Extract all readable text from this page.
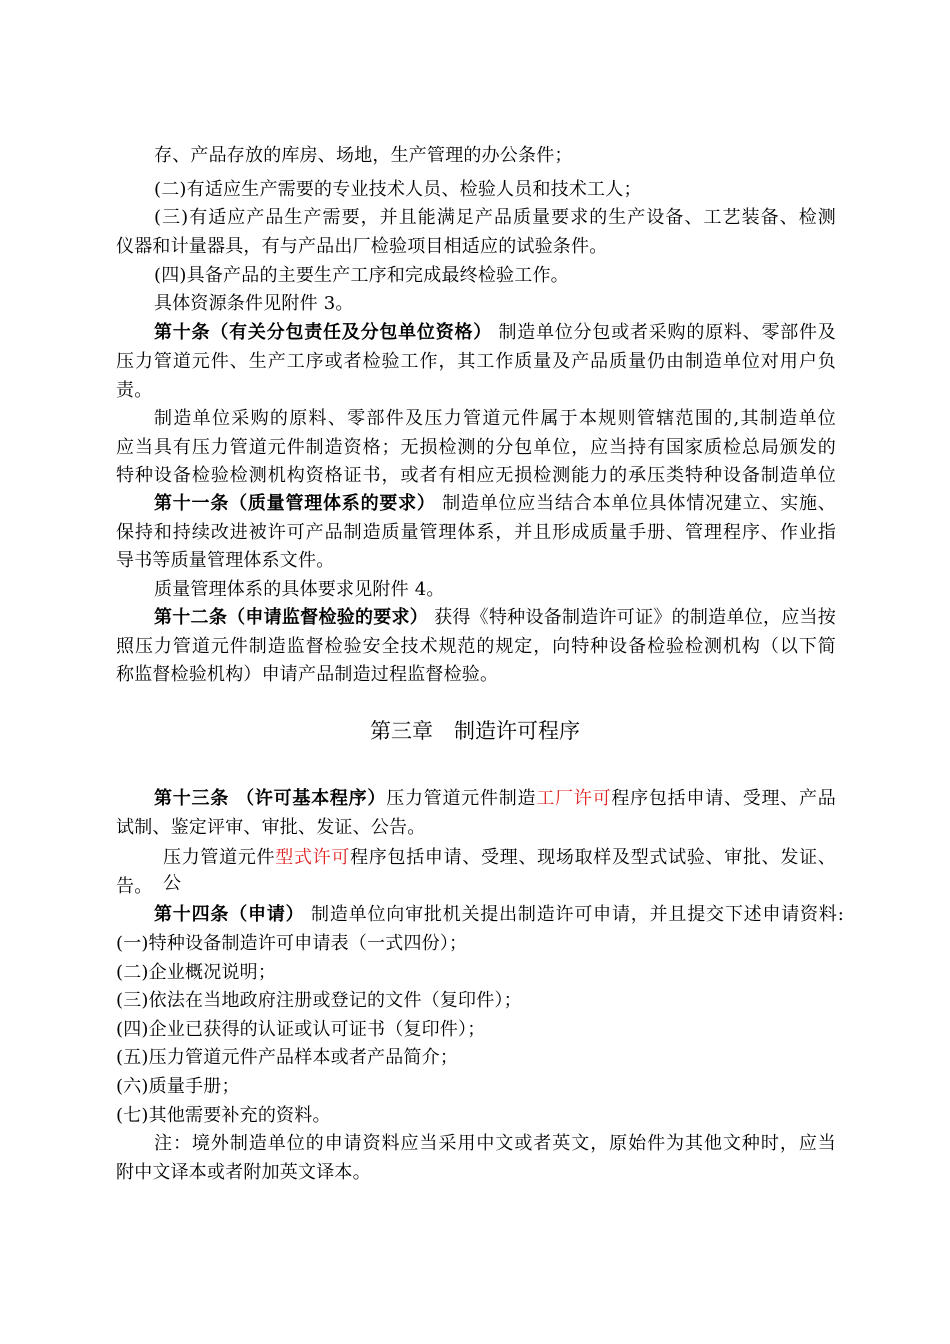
存、产品存放的库房、场地，生产管理的办公条件；
(二)有适应生产需要的专业技术人员、检验人员和技术工人；
(三)有适应产品生产需要，并且能满足产品质量要求的生产设备、工艺装备、检测
仪器和计量器具，有与产品出厂检验项目相适应的试验条件。
(四)具备产品的主要生产工序和完成最终检验工作。
具体资源条件见附件 3。
第十条（有关分包责任及分包单位资格） 制造单位分包或者采购的原料、零部件及
压力管道元件、生产工序或者检验工作，其工作质量及产品质量仍由制造单位对用户负
责。
制造单位采购的原料、零部件及压力管道元件属于本规则管辖范围的,其制造单位
应当具有压力管道元件制造资格；无损检测的分包单位，应当持有国家质检总局颁发的
特种设备检验检测机构资格证书，或者有相应无损检测能力的承压类特种设备制造单位
第十一条（质量管理体系的要求） 制造单位应当结合本单位具体情况建立、实施、
保持和持续改进被许可产品制造质量管理体系，并且形成质量手册、管理程序、作业指
导书等质量管理体系文件。
质量管理体系的具体要求见附件 4。
第十二条（申请监督检验的要求） 获得《特种设备制造许可证》的制造单位，应当按
照压力管道元件制造监督检验安全技术规范的规定，向特种设备检验检测机构（以下简
称监督检验机构）申请产品制造过程监督检验。
第三章　制造许可程序
第十三条 （许可基本程序）压力管道元件制造工厂许可程序包括申请、受理、产品
试制、鉴定评审、审批、发证、公告。
压力管道元件型式许可程序包括申请、受理、现场取样及型式试验、审批、发证、公
告。
第十四条（申请） 制造单位向审批机关提出制造许可申请，并且提交下述申请资料:
(一)特种设备制造许可申请表（一式四份）；
(二)企业概况说明；
(三)依法在当地政府注册或登记的文件（复印件）；
(四)企业已获得的认证或认可证书（复印件）；
(五)压力管道元件产品样本或者产品简介；
(六)质量手册；
(七)其他需要补充的资料。
注：境外制造单位的申请资料应当采用中文或者英文，原始件为其他文种时，应当
附中文译本或者附加英文译本。
